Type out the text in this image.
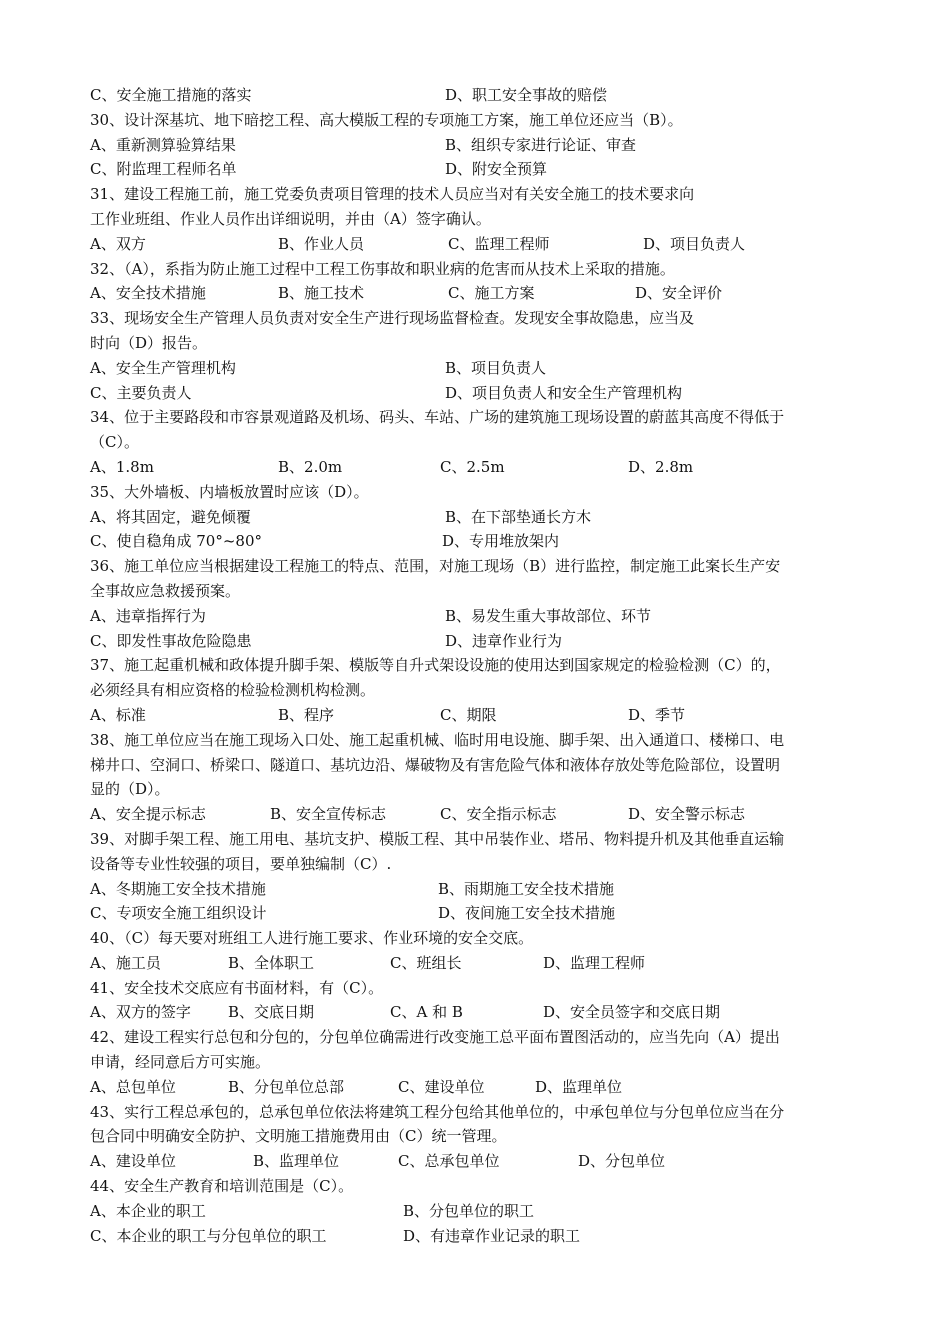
C、安全施工措施的落实	D、职工安全事故的赔偿
30、设计深基坑、地下暗挖工程、高大模版工程的专项施工方案，施工单位还应当（B）。
A、重新测算验算结果	B、组织专家进行论证、审查
C、附监理工程师名单	D、附安全预算
31、建设工程施工前，施工党委负责项目管理的技术人员应当对有关安全施工的技术要求向
工作业班组、作业人员作出详细说明，并由（A）签字确认。
A、双方	B、作业人员	C、监理工程师	D、项目负责人
32、（A），系指为防止施工过程中工程工伤事故和职业病的危害而从技术上采取的措施。
A、安全技术措施	B、施工技术	C、施工方案	D、安全评价
33、现场安全生产管理人员负责对安全生产进行现场监督检查。发现安全事故隐患，应当及
时向（D）报告。
A、安全生产管理机构	B、项目负责人
C、主要负责人	D、项目负责人和安全生产管理机构
34、位于主要路段和市容景观道路及机场、码头、车站、广场的建筑施工现场设置的蔚蓝其高度不得低于
（C）。
A、1.8m	B、2.0m	C、2.5m	D、2.8m
35、大外墙板、内墙板放置时应该（D）。
A、将其固定，避免倾覆	B、在下部垫通长方木
C、使自稳角成 70°~80°	D、专用堆放架内
36、施工单位应当根据建设工程施工的特点、范围，对施工现场（B）进行监控，制定施工此案长生产安
全事故应急救援预案。
A、违章指挥行为	B、易发生重大事故部位、环节
C、即发性事故危险隐患	D、违章作业行为
37、施工起重机械和政体提升脚手架、模版等自升式架设设施的使用达到国家规定的检验检测（C）的，
必须经具有相应资格的检验检测机构检测。
A、标准	B、程序	C、期限	D、季节
38、施工单位应当在施工现场入口处、施工起重机械、临时用电设施、脚手架、出入通道口、楼梯口、电
梯井口、空洞口、桥梁口、隧道口、基坑边沿、爆破物及有害危险气体和液体存放处等危险部位，设置明
显的（D）。
A、安全提示标志	B、安全宣传标志	C、安全指示标志	D、安全警示标志
39、对脚手架工程、施工用电、基坑支护、模版工程、其中吊装作业、塔吊、物料提升机及其他垂直运输
设备等专业性较强的项目，要单独编制（C）.
A、冬期施工安全技术措施	B、雨期施工安全技术措施
C、专项安全施工组织设计	D、夜间施工安全技术措施
40、（C）每天要对班组工人进行施工要求、作业环境的安全交底。
A、施工员	B、全体职工	C、班组长	D、监理工程师
41、安全技术交底应有书面材料，有（C）。
A、双方的签字 B、交底日期	C、A 和 B	D、安全员签字和交底日期
42、建设工程实行总包和分包的，分包单位确需进行改变施工总平面布置图活动的，应当先向（A）提出
申请，经同意后方可实施。
A、总包单位	B、分包单位总部	C、建设单位	D、监理单位
43、实行工程总承包的，总承包单位依法将建筑工程分包给其他单位的，中承包单位与分包单位应当在分
包合同中明确安全防护、文明施工措施费用由（C）统一管理。
A、建设单位	B、监理单位	C、总承包单位	D、分包单位
44、安全生产教育和培训范围是（C）。
A、本企业的职工	B、分包单位的职工
C、本企业的职工与分包单位的职工	D、有违章作业记录的职工
